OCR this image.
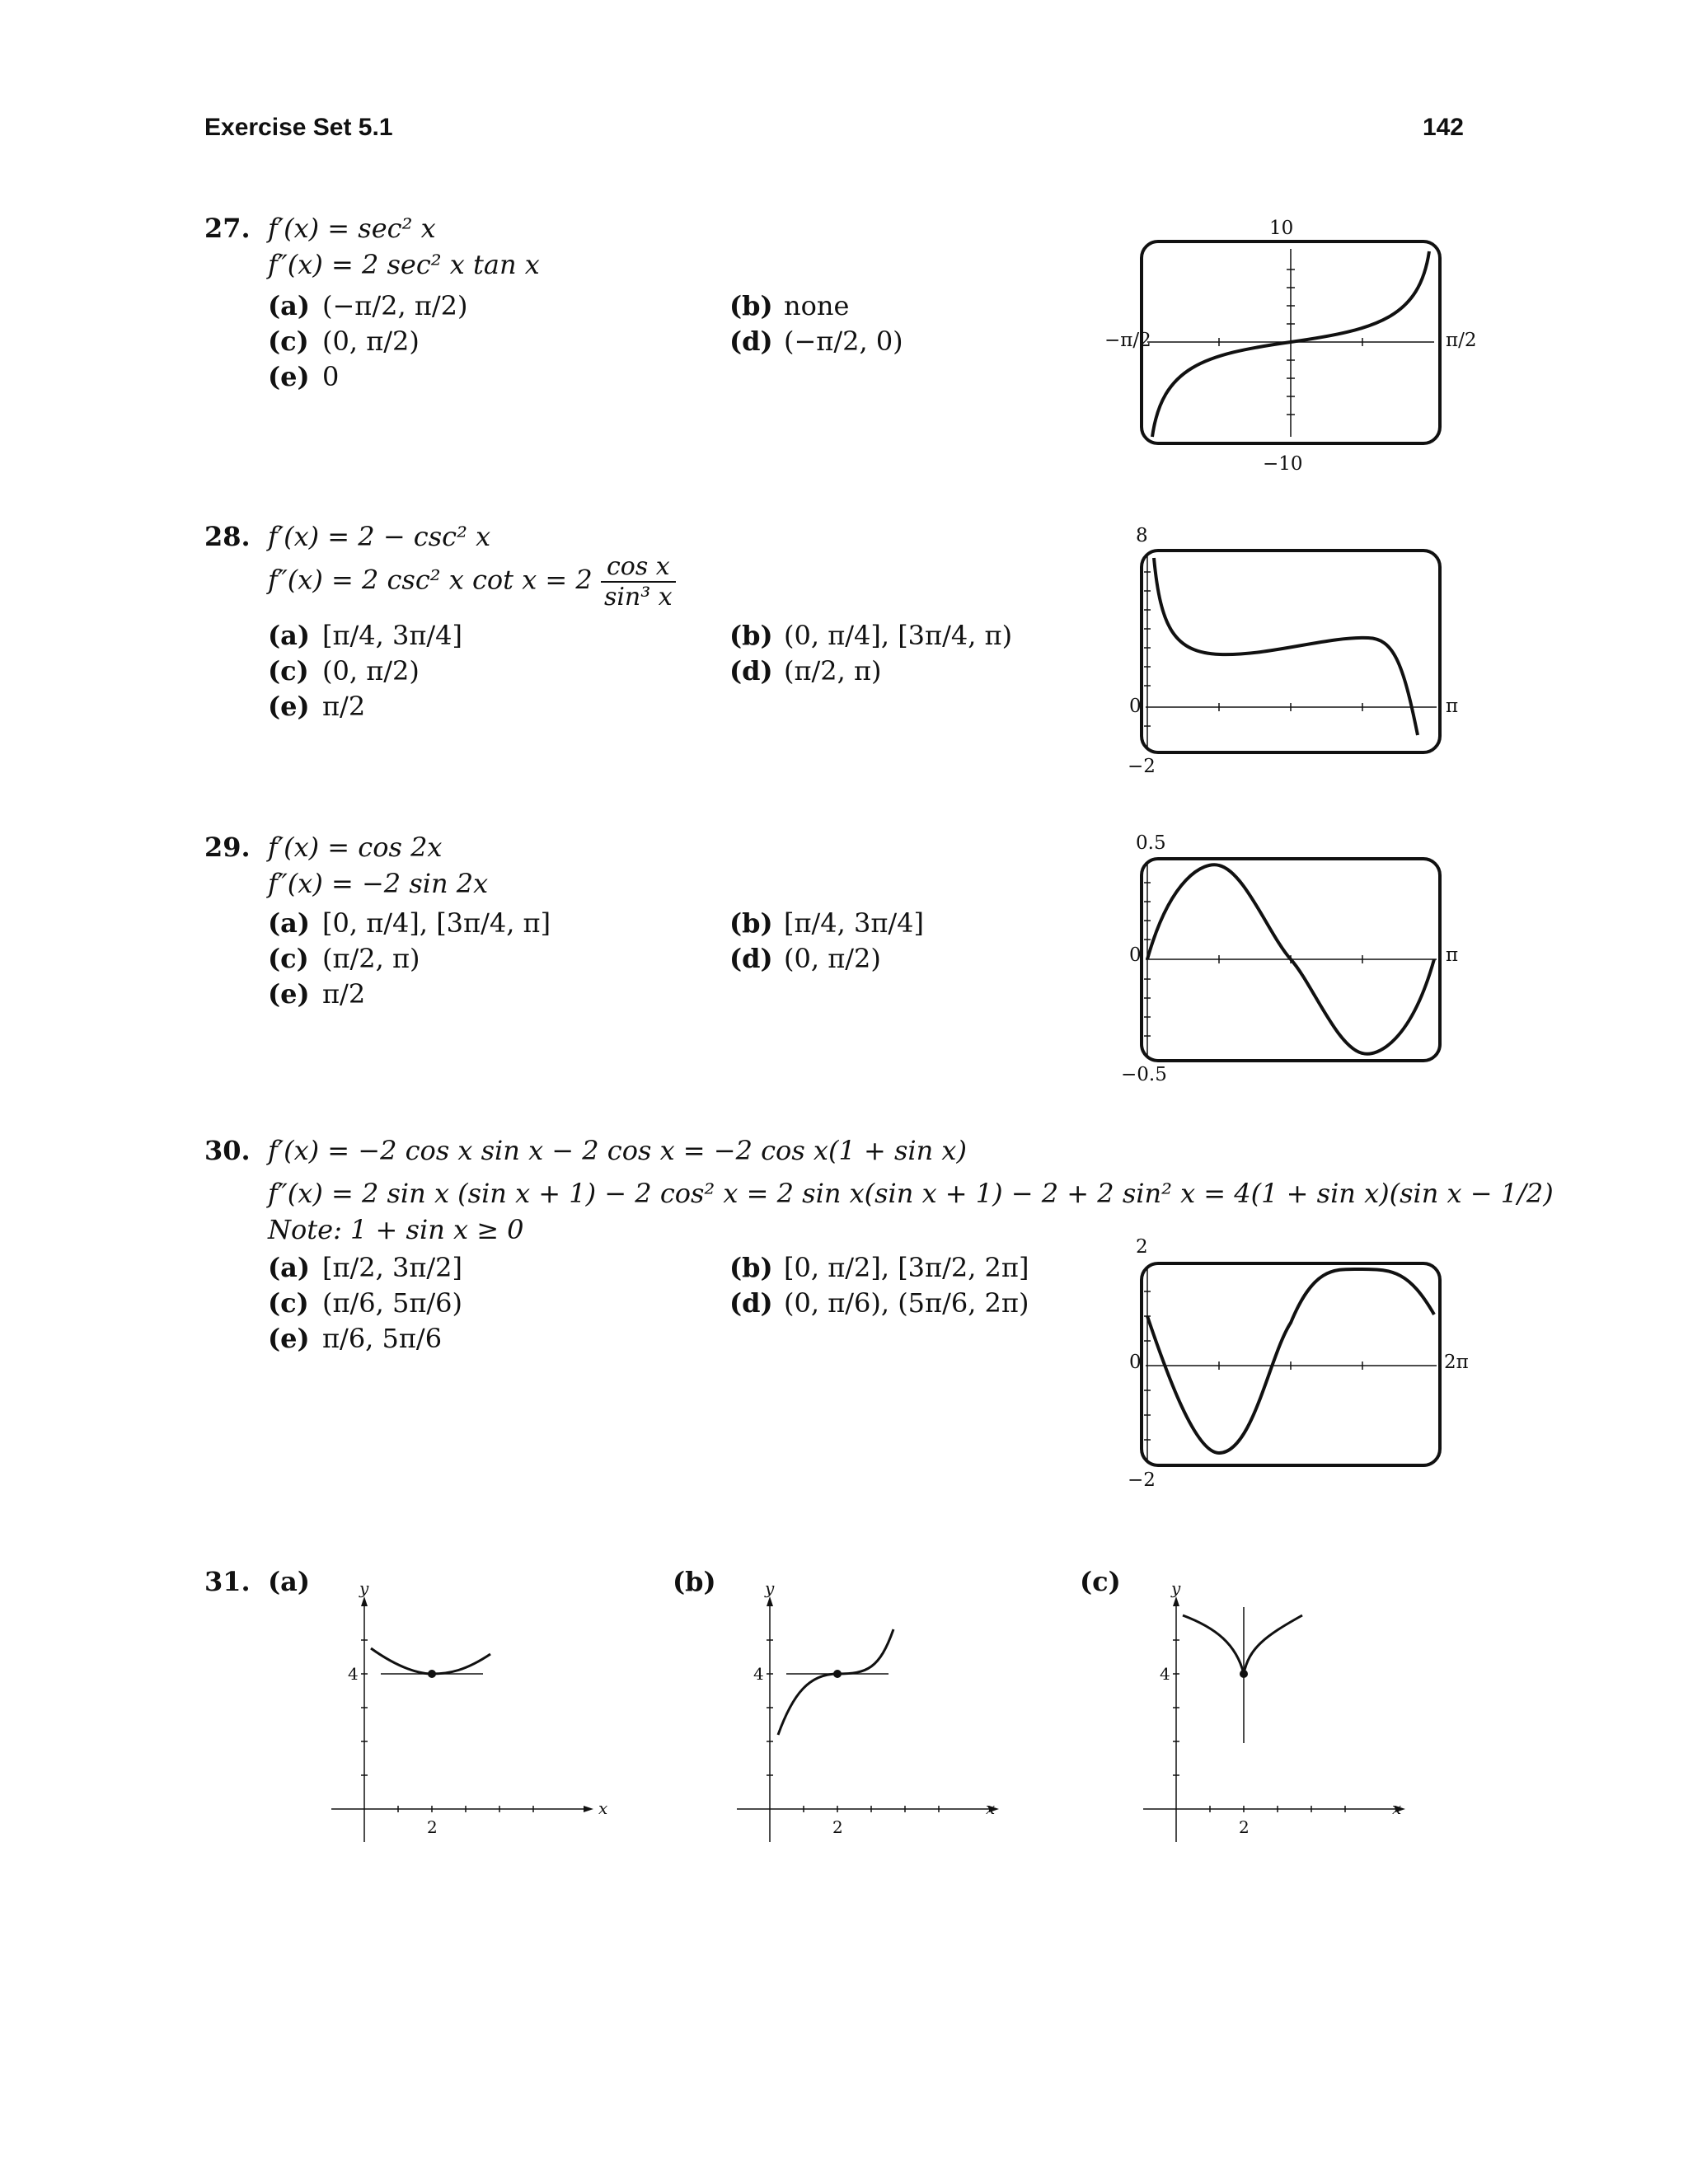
Exercise Set 5.1	142
27. f′(x) = sec² x
f″(x) = 2 sec² x tan x
(a) (−π/2, π/2)	(b) none
(c) (0, π/2)	(d) (−π/2, 0)
(e) 0
10
−10
−π/2	π/2
28. f′(x) = 2 − csc² x
f″(x) = 2 csc² x $\cot x = 2 \frac{\text{cos x}}{\text{sin³ x}}$
(a) [π/4, 3π/4]	(b) (0, π/4], [3π/4, π)
(c) (0, π/2)	(d) (π/2, π)
(e) π/2
8
0
−2
π
29. f′(x) = cos 2x
f″(x) = −2 sin 2x
(a) [0, π/4], [3π/4, π]	(b) [π/4, 3π/4]
(c) (π/2, π)	(d) (0, π/2)
(e) π/2
0.5
0
−0.5
π
30. f′(x) = −2 cos x sin x − 2 cos x = −2 cos x(1 + sin x)
f″(x) = 2 sin x (sin x + 1) − 2 cos² x = 2 sin x(sin x + 1) − 2 + 2 sin² x = 4(1 + sin x)(sin x − 1/2)
Note: 1 + sin x ≥ 0
(a) [π/2, 3π/2]	(b) [0, π/2], [3π/2, 2π]
(c) (π/6, 5π/6)	(d) (0, π/6), (5π/6, 2π)
(e) π/6, 5π/6
2
0
−2
2π
31. (a)	(b)	(c)
y
x
4
2
y
x
4
2
y
x
4
2
